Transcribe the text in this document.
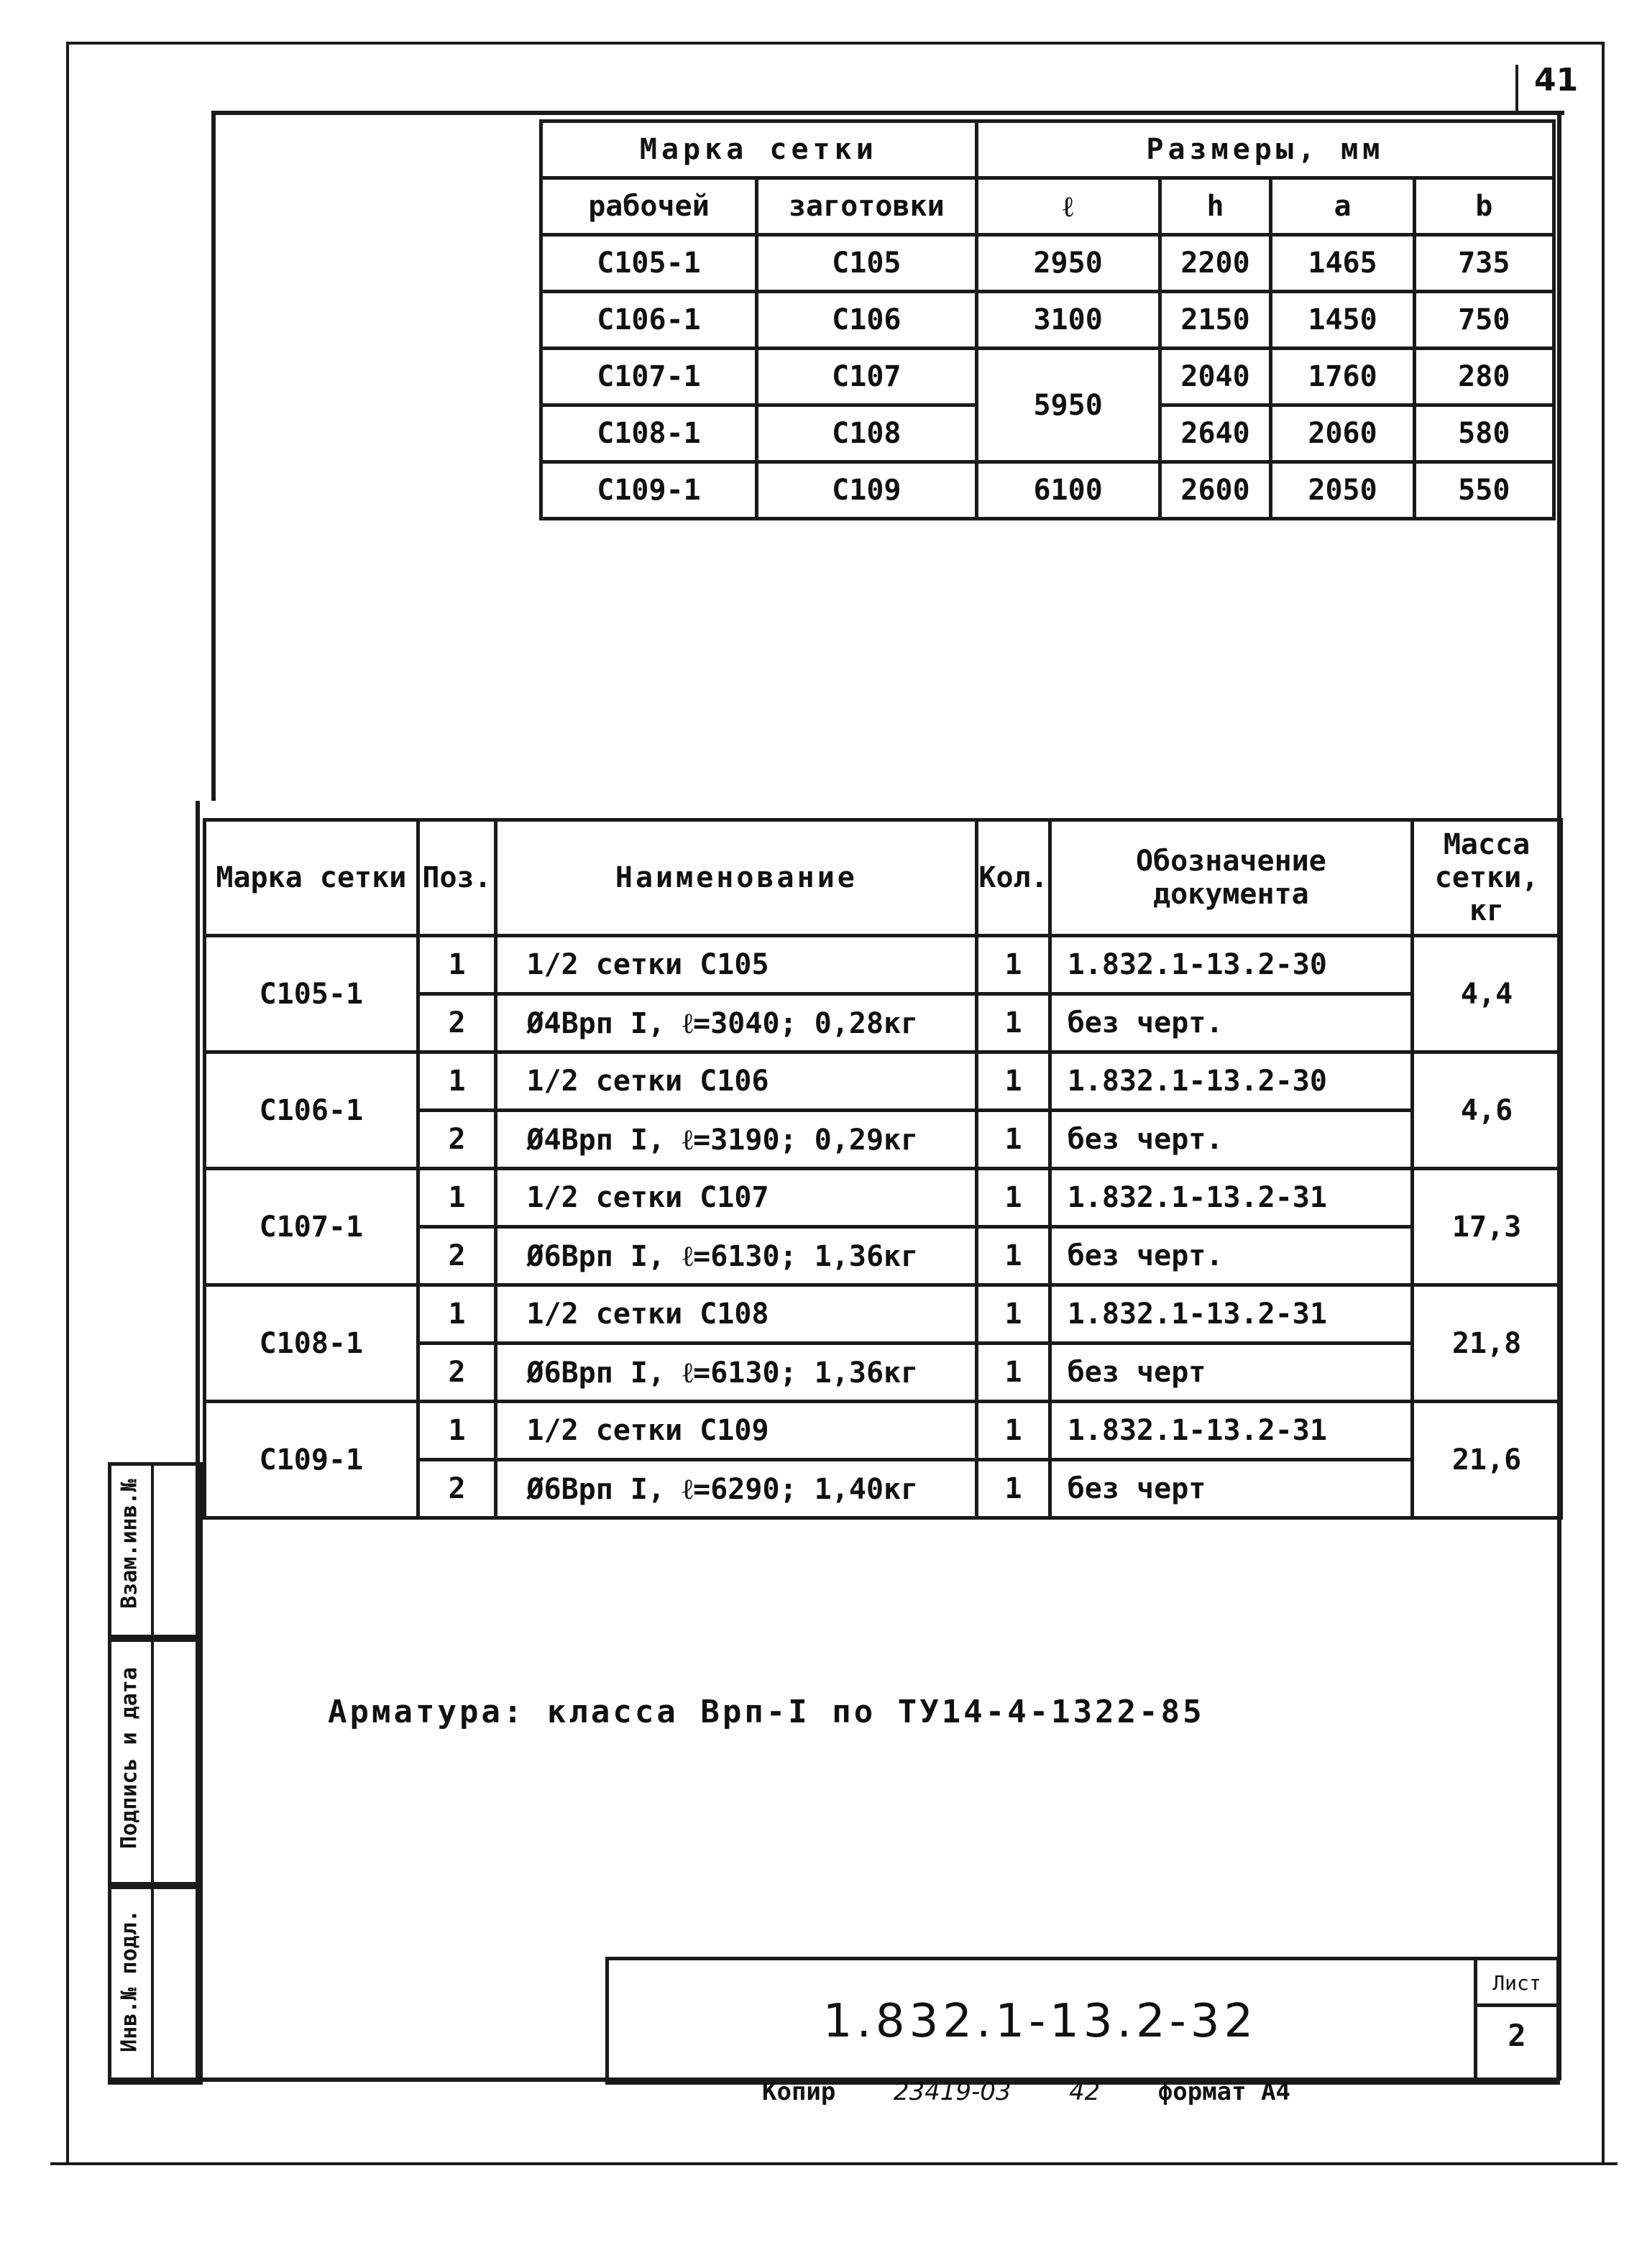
41
Марка сетки		Размеры, мм			
рабочей	заготовки	ℓ	h	a	b
С105-1	С105	2950	2200	1465	735
С106-1	С106	3100	2150	1450	750
С107-1	С107	5950	2040	1760	280
С108-1	С108		2640	2060	580
С109-1	С109	6100	2600	2050	550
Марка сетки	Поз.	Наименование	Кол.	Обозначение документа	Масса сетки, кг
С105-1	1	1/2 сетки С105	1	1.832.1-13.2-30	4,4
	2	Ø4Врп I, ℓ=3040; 0,28кг	1	без черт.	
С106-1	1	1/2 сетки С106	1	1.832.1-13.2-30	4,6
	2	Ø4Врп I, ℓ=3190; 0,29кг	1	без черт.	
С107-1	1	1/2 сетки С107	1	1.832.1-13.2-31	17,3
	2	Ø6Врп I, ℓ=6130; 1,36кг	1	без черт.	
С108-1	1	1/2 сетки С108	1	1.832.1-13.2-31	21,8
	2	Ø6Врп I, ℓ=6130; 1,36кг	1	без черт	
С109-1	1	1/2 сетки С109	1	1.832.1-13.2-31	21,6
	2	Ø6Врп I, ℓ=6290; 1,40кг	1	без черт	
Арматура: класса Врп-I по ТУ14-4-1322-85
Взам.инв.№
Подпись и дата
Инв.№ подл.	1.832.1-13.2-32
Лист
2
Копир 23419-03 42 формат А4
